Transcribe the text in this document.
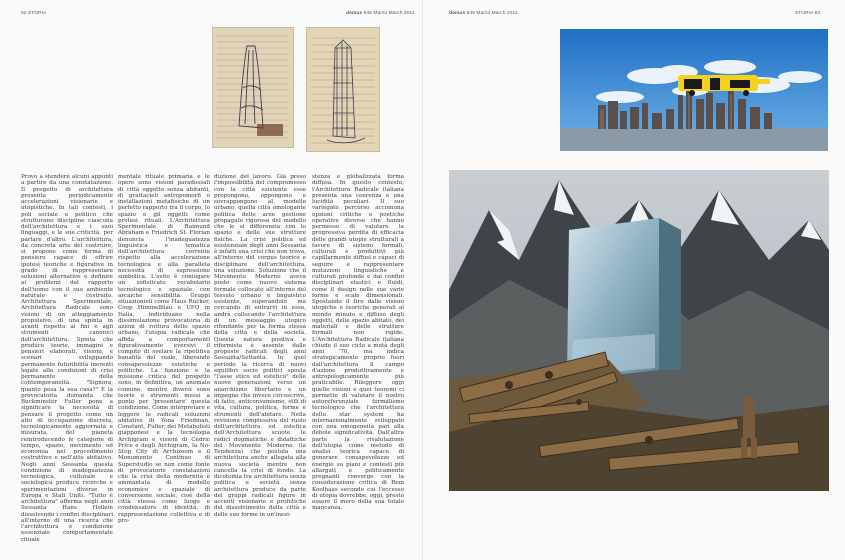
92 STORIA	domus 945 Marzo March 2011	domus 945 Marzo March 2011	STORIA 93

Provo a stendere alcuni appunti a partire da una constatazione. Il progetto di architettura presenta periodicamente accelerazioni visionarie e utopistiche. In tali contesti, i poli sociale e politico che strutturano discipline ciascuna dell'architettura e i suoi linguaggi, e le sue criticità, per parlare d'altro. L'architettura, da concreta arte del costruire, si propone come forma di pensiero capace di offrire ipotesi teoriche e figurative in grado di rappresentare soluzioni alternative e definire ai problemi del rapporto dell'uomo con il suo ambiente naturale e costruito. Architettura Sperimentale, Architettura Radicale sono visioni di un atteggiamento propulsivo, di una spinta in avanti rispetto ai fini e agli strumenti canonici dell'architettura. Spinta che produce teorie, immagini e pensieri elaborati, visioni, e scenari sviluppando permanente futuribilità inerenti legate alle condizioni di crisi permanente della contemporaneità. "Signora, quanto pesa la sua casa?" È la provocatoria domanda che Buckminster Fuller pone a significare la necessità di pensare il progetto come un atto di occupazione discreta, tecnologicamente aggiornata e misurata, del pianeta reintroducendo le categorie di tempo, spazio, movimento ed economia nel procedimento costruttivo e nell'atto abitativo. Negli anni Sessanta questa condizione di inadeguatezza tecnologica, culturale e sociologica produce ricerche e sperimentazioni diverse in Europa e Stati Uniti. "Tutto è architettura" afferma negli anni Sessanta Hans Hollein dissolvendo i confini disciplinari all'interno di una ricerca che l'architettura è condizione essenziale comportamentale rituale

mentale rituale primaria e le opere sono visioni paradossali di città oggetto senza abitanti, di grattacieli antropomorfi o installazioni metafisiche di un perfetto rapporto tra il corpo, lo spazio e gli oggetti come protesi rituali. L'Architettura Sperimentale di Raimund Abraham e Friedrich St. Florian denuncia l'inadeguatezza linguistica e tematica dell'architettura corrente rispetto alla accelerazione tecnologica e alla parallela necessità di espressione simbolica. L'esito è coniugare un sofisticato vocabolario tecnologico e spaziale con arcaiche sensibilità. Gruppi situazionisti come Haus Rucker, Coop Himmelblau e UFO in Italia, individuano nella dissimulazione provocatoria di azioni di rottura dello spazio urbano, l'utopia radicale che affida a comportamenti figurativamente eversivi il compito di svelare la ripetitiva banalità del reale, liberando consapevolezze estetiche e politiche. La funzione e la missione critica del progetto sono, in definitiva, un anomalo comune, mentre diversi sono teorie e strumenti messi a punto per 'presentare' questa condizione. Come interpretare e leggere le radicali soluzioni abitative di Yona Friedman, Constant, Fuller, dei Metabolisti giapponesi e la tecnologia Archigram e visioni di Cedric Price e degli Archigram, la No-Stop City di Archizoom e il Monumento Continuo di Superstudio se non come fonte di provocatorie constatazioni che la crisi della modernità è ammantata di modello economico e spaziale di conversione sociale, cioè della città stessa come luogo e condensatore di identità, di rappresentazione collettiva e di pro-

duzione del lavoro. Già preso l'impossibilità del compromesso con la città esistente esse propongono, oppongono e sovrappongono al modello urbano, quella città omologante politica delle aree gestione propagate rigorosa del modello che le si differenzia con lo spazio e delle sue strutture fisiche. La crisi politica ed esistenziale degli anni Sessanta è infatti una crisi che non trova, all'interno del corpus teorico e disciplinare dell'architettura, una soluzione. Soluzione che il Movimento Moderno aveva posto come nuovo sistema formale collocato all'interno del tessuto urbano e linguistico esistente, superandolo ma cercando di entrarvi in esso, andrà collocando l'architettura di un messaggio utopico rifondante per la forma stessa della città e della società. Questa natura positiva e riformista è assente dalle proposte radicali degli anni Sessanta/Settanta. In quel periodo la ricerca di nuovi equilibri socio politici sposta "l'asse etico ed estetico" delle nuove generazioni verso un anarchismo libertario e un impegno che invece circoscrive, di fatto, anticonsumismo, stili di vita, cultura, politica, forme e strumenti dell'abitare. Nella revisione complessiva del ruolo dell'architettura ed estetica dell'Architettura scuote le radici dogmatiche e didattiche del Movimento Moderno (la Tendenza) che postula una architettura anche allegata alla nuova società mentre non cancella la crisi di fondo. La dicotomia tra architettura senza politica e società senza architettura produce da parte dei gruppi radicali figure in accenti visionarie e profetiche del dissolvimento della città e delle sue forme in un'inesi-

stenza e globalizzata forma diffusa. In questo contesto, l'Architettura Radicale italiana presenta una coerenza e una lucidità peculiari. Il suo variegato percorso accomuna opzioni critiche e poetiche operative diverse che hanno permesso di valutare la progressiva perdita di efficacia delle grandi utopie strutturali a favore di sistemi formali, culturali e produttivi più capillarmente diffusi e capaci di seguire e rappresentare mutazioni linguistiche e culturali profonde e dai confini disciplinari elastici e fluidi, come il design nelle sue varie forme e scale dimensionali. Spostando il tiro dalle visioni utopiche e teoriche generali al mondo minuto e diffuso degli oggetti, delle spazio abitato, dei materiali e delle strutture formali non rigide. L'Architettura Radicale italiana chiude il suo ciclo a metà degli anni '70, ma indica strategicamente proprio fuori dall'architettura il campo d'azione produttivamente e antropologicamente più praticabile. Rileggere oggi quelle visioni e quei teoremi ci permette di valutare il nostro autoreferenziale formalismo tecnologico che l'architettura dello star system ha internazionalmente sviluppato con una omogeneità pari alla debole significatività. Dall'altra parte la rivalutazione dell'utopia come metodo di analisi teorica capace di generare consapevolezze ed energie su piani e contesti più allargati e politicamente pregnanti converge con la considerazione critica di Rem Koolhaas secondo cui l'eccesso di utopia dovrebbe, oggi, presto essere il mero della sua totale mancanza.
